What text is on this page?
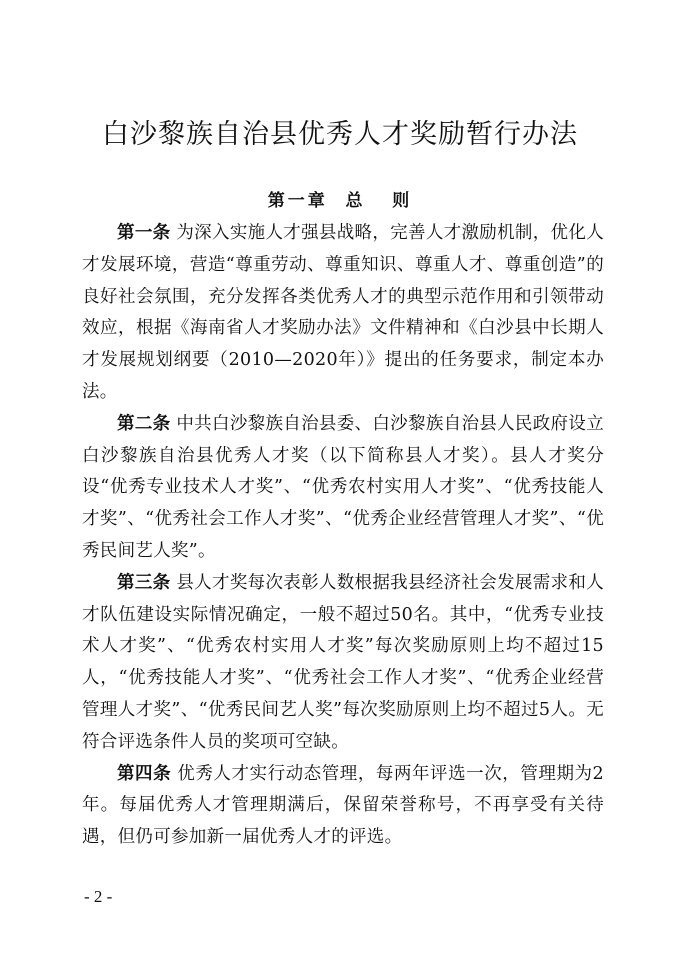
白沙黎族自治县优秀人才奖励暂行办法
第一章  总   则

第一条 为深入实施人才强县战略，完善人才激励机制，优化人才发展环境，营造“尊重劳动、尊重知识、尊重人才、尊重创造”的良好社会氛围，充分发挥各类优秀人才的典型示范作用和引领带动效应，根据《海南省人才奖励办法》文件精神和《白沙县中长期人才发展规划纲要（2010—2020年）》提出的任务要求，制定本办法。

第二条 中共白沙黎族自治县委、白沙黎族自治县人民政府设立白沙黎族自治县优秀人才奖（以下简称县人才奖）。县人才奖分设“优秀专业技术人才奖”、“优秀农村实用人才奖”、“优秀技能人才奖”、“优秀社会工作人才奖”、“优秀企业经营管理人才奖”、“优秀民间艺人奖”。

第三条 县人才奖每次表彰人数根据我县经济社会发展需求和人才队伍建设实际情况确定，一般不超过50名。其中，“优秀专业技术人才奖”、“优秀农村实用人才奖”每次奖励原则上均不超过15人，“优秀技能人才奖”、“优秀社会工作人才奖”、“优秀企业经营管理人才奖”、“优秀民间艺人奖”每次奖励原则上均不超过5人。无符合评选条件人员的奖项可空缺。

第四条 优秀人才实行动态管理，每两年评选一次，管理期为2年。每届优秀人才管理期满后，保留荣誉称号，不再享受有关待遇，但仍可参加新一届优秀人才的评选。

- 2 -
